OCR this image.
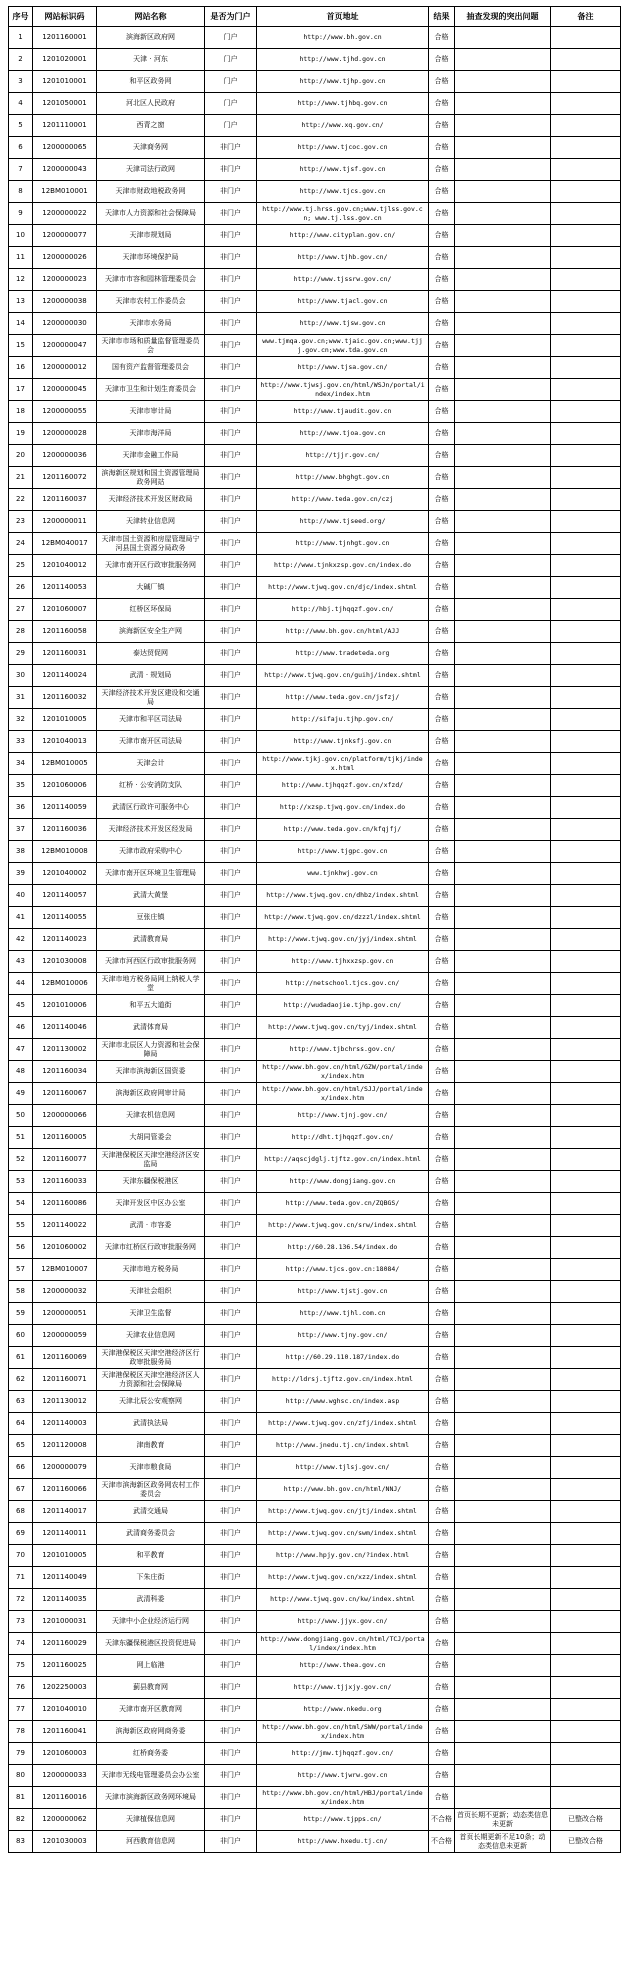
序号	网站标识码	网站名称	是否为门户	首页地址	结果	抽查发现的突出问题	备注
1	1201160001	滨海新区政府网	门户	http://www.bh.gov.cn	合格		
2	1201020001	天津 · 河东	门户	http://www.tjhd.gov.cn	合格		
3	1201010001	和平区政务网	门户	http://www.tjhp.gov.cn	合格		
4	1201050001	河北区人民政府	门户	http://www.tjhbq.gov.cn	合格		
5	1201110001	西青之窗	门户	http://www.xq.gov.cn/	合格		
6	1200000065	天津商务网	非门户	http://www.tjcoc.gov.cn	合格		
7	1200000043	天津司法行政网	非门户	http://www.tjsf.gov.cn	合格		
8	12BM010001	天津市财政地税政务网	非门户	http://www.tjcs.gov.cn	合格		
9	1200000022	天津市人力资源和社会保障局	非门户	http://www.tj.hrss.gov.cn;www.tjlss.gov.cn; www.tj.lss.gov.cn	合格		
10	1200000077	天津市规划局	非门户	http://www.cityplan.gov.cn/	合格		
11	1200000026	天津市环境保护局	非门户	http://www.tjhb.gov.cn/	合格		
12	1200000023	天津市市容和园林管理委员会	非门户	http://www.tjssrw.gov.cn/	合格		
13	1200000038	天津市农村工作委员会	非门户	http://www.tjacl.gov.cn	合格		
14	1200000030	天津市水务局	非门户	http://www.tjsw.gov.cn	合格		
15	1200000047	天津市市场和质量监督管理委员会	非门户	www.tjmqa.gov.cn;www.tjaic.gov.cn;www.tjjj.gov.cn;www.tda.gov.cn	合格		
16	1200000012	国有资产监督管理委员会	非门户	http://www.tjsa.gov.cn/	合格		
17	1200000045	天津市卫生和计划生育委员会	非门户	http://www.tjwsj.gov.cn/html/WSJn/portal/index/index.htm	合格		
18	1200000055	天津市审计局	非门户	http://www.tjaudit.gov.cn	合格		
19	1200000028	天津市海洋局	非门户	http://www.tjoa.gov.cn	合格		
20	1200000036	天津市金融工作局	非门户	http://tjjr.gov.cn/	合格		
21	1201160072	滨海新区规划和国土资源管理局政务网站	非门户	http://www.bhghgt.gov.cn	合格		
22	1201160037	天津经济技术开发区财政局	非门户	http://www.teda.gov.cn/czj	合格		
23	1200000011	天津转业信息网	非门户	http://www.tjseed.org/	合格		
24	12BM040017	天津市国土资源和房屋管理局宁河县国土资源分局政务	非门户	http://www.tjnhgt.gov.cn	合格		
25	1201040012	天津市南开区行政审批服务网	非门户	http://www.tjnkxzsp.gov.cn/index.do	合格		
26	1201140053	大碱厂镇	非门户	http://www.tjwq.gov.cn/djc/index.shtml	合格		
27	1201060007	红桥区环保局	非门户	http://hbj.tjhqqzf.gov.cn/	合格		
28	1201160058	滨海新区安全生产网	非门户	http://www.bh.gov.cn/html/AJJ	合格		
29	1201160031	泰达贸促网	非门户	http://www.tradeteda.org	合格		
30	1201140024	武清 · 规划局	非门户	http://www.tjwq.gov.cn/guihj/index.shtml	合格		
31	1201160032	天津经济技术开发区建设和交通局	非门户	http://www.teda.gov.cn/jsfzj/	合格		
32	1201010005	天津市和平区司法局	非门户	http://sifaju.tjhp.gov.cn/	合格		
33	1201040013	天津市南开区司法局	非门户	http://www.tjnksfj.gov.cn	合格		
34	12BM010005	天津会计	非门户	http://www.tjkj.gov.cn/platform/tjkj/index.html	合格		
35	1201060006	红桥 · 公安消防支队	非门户	http://www.tjhqqzf.gov.cn/xfzd/	合格		
36	1201140059	武清区行政许可服务中心	非门户	http://xzsp.tjwq.gov.cn/index.do	合格		
37	1201160036	天津经济技术开发区经发局	非门户	http://www.teda.gov.cn/kfqjfj/	合格		
38	12BM010008	天津市政府采购中心	非门户	http://www.tjgpc.gov.cn	合格		
39	1201040002	天津市南开区环境卫生管理局	非门户	www.tjnkhwj.gov.cn	合格		
40	1201140057	武清大黄堡	非门户	http://www.tjwq.gov.cn/dhbz/index.shtml	合格		
41	1201140055	豆张庄镇	非门户	http://www.tjwq.gov.cn/dzzzl/index.shtml	合格		
42	1201140023	武清教育局	非门户	http://www.tjwq.gov.cn/jyj/index.shtml	合格		
43	1201030008	天津市河西区行政审批服务网	非门户	http://www.tjhxxzsp.gov.cn	合格		
44	12BM010006	天津市地方税务局网上纳税人学堂	非门户	http://netschool.tjcs.gov.cn/	合格		
45	1201010006	和平五大道街	非门户	http://wudadaojie.tjhp.gov.cn/	合格		
46	1201140046	武清体育局	非门户	http://www.tjwq.gov.cn/tyj/index.shtml	合格		
47	1201130002	天津市北辰区人力资源和社会保障局	非门户	http://www.tjbchrss.gov.cn/	合格		
48	1201160034	天津市滨海新区国资委	非门户	http://www.bh.gov.cn/html/GZW/portal/index/index.htm	合格		
49	1201160067	滨海新区政府网审计局	非门户	http://www.bh.gov.cn/html/SJJ/portal/index/index.htm	合格		
50	1200000066	天津农机信息网	非门户	http://www.tjnj.gov.cn/	合格		
51	1201160005	大胡同管委会	非门户	http://dht.tjhqqzf.gov.cn/	合格		
52	1201160077	天津港保税区天津空港经济区安监局	非门户	http://aqscjdglj.tjftz.gov.cn/index.html	合格		
53	1201160033	天津东疆保税港区	非门户	http://www.dongjiang.gov.cn	合格		
54	1201160086	天津开发区中区办公室	非门户	http://www.teda.gov.cn/ZQBGS/	合格		
55	1201140022	武清 · 市容委	非门户	http://www.tjwq.gov.cn/srw/index.shtml	合格		
56	1201060002	天津市红桥区行政审批服务网	非门户	http://60.28.136.54/index.do	合格		
57	12BM010007	天津市地方税务局	非门户	http://www.tjcs.gov.cn:18084/	合格		
58	1200000032	天津社会组织	非门户	http://www.tjstj.gov.cn	合格		
59	1200000051	天津卫生监督	非门户	http://www.tjhl.com.cn	合格		
60	1200000059	天津农业信息网	非门户	http://www.tjny.gov.cn/	合格		
61	1201160069	天津港保税区天津空港经济区行政审批服务局	非门户	http://60.29.110.187/index.do	合格		
62	1201160071	天津港保税区天津空港经济区人力资源和社会保障局	非门户	http://ldrsj.tjftz.gov.cn/index.html	合格		
63	1201130012	天津北辰公安观察网	非门户	http://www.wghsc.cn/index.asp	合格		
64	1201140003	武清执法局	非门户	http://www.tjwq.gov.cn/zfj/index.shtml	合格		
65	1201120008	津南教育	非门户	http://www.jnedu.tj.cn/index.shtml	合格		
66	1200000079	天津市粮食局	非门户	http://www.tjlsj.gov.cn/	合格		
67	1201160066	天津市滨海新区政务网农村工作委员会	非门户	http://www.bh.gov.cn/html/NNJ/	合格		
68	1201140017	武清交通局	非门户	http://www.tjwq.gov.cn/jtj/index.shtml	合格		
69	1201140011	武清商务委员会	非门户	http://www.tjwq.gov.cn/swm/index.shtml	合格		
70	1201010005	和平教育	非门户	http://www.hpjy.gov.cn/?index.html	合格		
71	1201140049	下朱庄街	非门户	http://www.tjwq.gov.cn/xzz/index.shtml	合格		
72	1201140035	武清科委	非门户	http://www.tjwq.gov.cn/kw/index.shtml	合格		
73	1201000031	天津中小企业经济运行网	非门户	http://www.jjyx.gov.cn/	合格		
74	1201160029	天津东疆保税港区投资促进局	非门户	http://www.dongjiang.gov.cn/html/TCJ/portal/index/index.htm	合格		
75	1201160025	网上临港	非门户	http://www.thea.gov.cn	合格		
76	1202250003	蓟县教育网	非门户	http://www.tjjxjy.gov.cn/	合格		
77	1201040010	天津市南开区教育网	非门户	http://www.nkedu.org	合格		
78	1201160041	滨海新区政府网商务委	非门户	http://www.bh.gov.cn/html/SWW/portal/index/index.htm	合格		
79	1201060003	红桥商务委	非门户	http://jmw.tjhqqzf.gov.cn/	合格		
80	1200000033	天津市无线电管理委员会办公室	非门户	http://www.tjwrw.gov.cn	合格		
81	1201160016	天津市滨海新区政务网环境局	非门户	http://www.bh.gov.cn/html/HBJ/portal/index/index.htm	合格		
82	1200000062	天津植保信息网	非门户	http://www.tjpps.cn/	不合格	首页长期不更新；动态类信息未更新	已整改合格
83	1201030003	河西教育信息网	非门户	http://www.hxedu.tj.cn/	不合格	首页长期更新不足10条；动态类信息未更新	已整改合格
